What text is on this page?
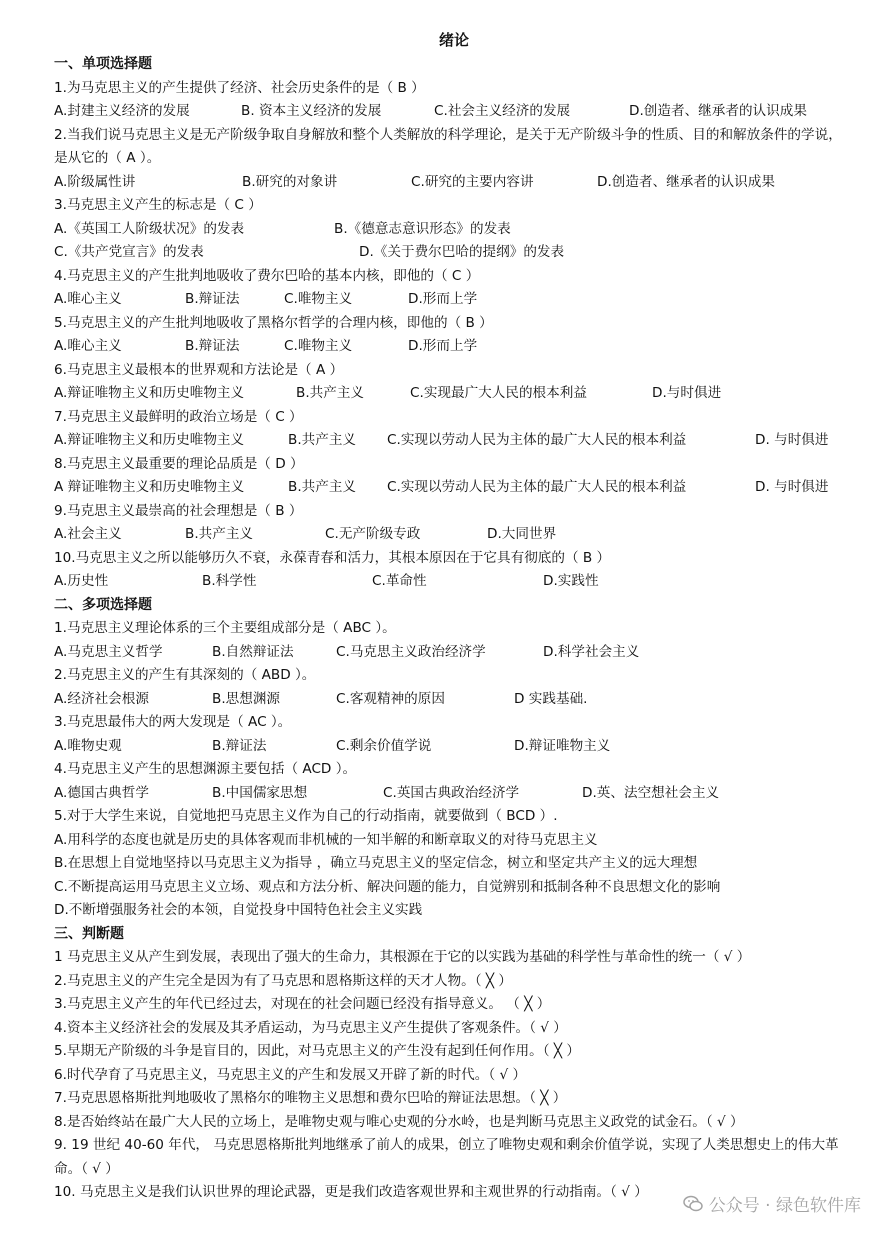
绪论
一、单项选择题
1.为马克思主义的产生提供了经济、社会历史条件的是（ B ）
A.封建主义经济的发展	B. 资本主义经济的发展	C.社会主义经济的发展	D.创造者、继承者的认识成果
2.当我们说马克思主义是无产阶级争取自身解放和整个人类解放的科学理论，是关于无产阶级斗争的性质、目的和解放条件的学说，是从它的（ A ）。
A.阶级属性讲	B.研究的对象讲	C.研究的主要内容讲	D.创造者、继承者的认识成果
3.马克思主义产生的标志是（ C ）
A.《英国工人阶级状况》的发表	B.《德意志意识形态》的发表
C.《共产党宣言》的发表	D.《关于费尔巴哈的提纲》的发表
4.马克思主义的产生批判地吸收了费尔巴哈的基本内核，即他的（ C ）
A.唯心主义	B.辩证法	C.唯物主义	D.形而上学
5.马克思主义的产生批判地吸收了黑格尔哲学的合理内核，即他的（ B ）
A.唯心主义	B.辩证法	C.唯物主义	D.形而上学
6.马克思主义最根本的世界观和方法论是（ A ）
A.辩证唯物主义和历史唯物主义	B.共产主义	C.实现最广大人民的根本利益	D.与时俱进
7.马克思主义最鲜明的政治立场是（ C ）
A.辩证唯物主义和历史唯物主义	B.共产主义	C.实现以劳动人民为主体的最广大人民的根本利益	D. 与时俱进
8.马克思主义最重要的理论品质是（ D ）
A 辩证唯物主义和历史唯物主义	B.共产主义	C.实现以劳动人民为主体的最广大人民的根本利益	D. 与时俱进
9.马克思主义最崇高的社会理想是（ B ）
A.社会主义	B.共产主义	C.无产阶级专政	D.大同世界
10.马克思主义之所以能够历久不衰，永葆青春和活力，其根本原因在于它具有彻底的（ B ）
A.历史性	B.科学性	C.革命性	D.实践性
二、多项选择题
1.马克思主义理论体系的三个主要组成部分是（ ABC ）。
A.马克思主义哲学	B.自然辩证法	C.马克思主义政治经济学	D.科学社会主义
2.马克思主义的产生有其深刻的（ ABD ）。
A.经济社会根源	B.思想渊源	C.客观精神的原因	D 实践基础.
3.马克思最伟大的两大发现是（ AC ）。
A.唯物史观	B.辩证法	C.剩余价值学说	D.辩证唯物主义
4.马克思主义产生的思想渊源主要包括（ ACD ）。
A.德国古典哲学	B.中国儒家思想	C.英国古典政治经济学	D.英、法空想社会主义
5.对于大学生来说，自觉地把马克思主义作为自己的行动指南，就要做到（ BCD ）.
A.用科学的态度也就是历史的具体客观而非机械的一知半解的和断章取义的对待马克思主义
B.在思想上自觉地坚持以马克思主义为指导 ，确立马克思主义的坚定信念，树立和坚定共产主义的远大理想
C.不断提高运用马克思主义立场、观点和方法分析、解决问题的能力，自觉辨别和抵制各种不良思想文化的影响
D.不断增强服务社会的本领，自觉投身中国特色社会主义实践
三、判断题
1 马克思主义从产生到发展，表现出了强大的生命力，其根源在于它的以实践为基础的科学性与革命性的统一（ √ ）
2.马克思主义的产生完全是因为有了马克思和恩格斯这样的天才人物。（ ╳ ）
3.马克思主义产生的年代已经过去，对现在的社会问题已经没有指导意义。 （ ╳ ）
4.资本主义经济社会的发展及其矛盾运动，为马克思主义产生提供了客观条件。（ √ ）
5.早期无产阶级的斗争是盲目的，因此，对马克思主义的产生没有起到任何作用。（ ╳ ）
6.时代孕育了马克思主义，马克思主义的产生和发展又开辟了新的时代。（ √ ）
7.马克思恩格斯批判地吸收了黑格尔的唯物主义思想和费尔巴哈的辩证法思想。（ ╳ ）
8.是否始终站在最广大人民的立场上，是唯物史观与唯心史观的分水岭，也是判断马克思主义政党的试金石。（ √ ）
9. 19 世纪 40-60 年代， 马克思恩格斯批判地继承了前人的成果，创立了唯物史观和剩余价值学说，实现了人类思想史上的伟大革命。（ √ ）
10. 马克思主义是我们认识世界的理论武器，更是我们改造客观世界和主观世界的行动指南。（ √ ）
公众号 · 绿色软件库
